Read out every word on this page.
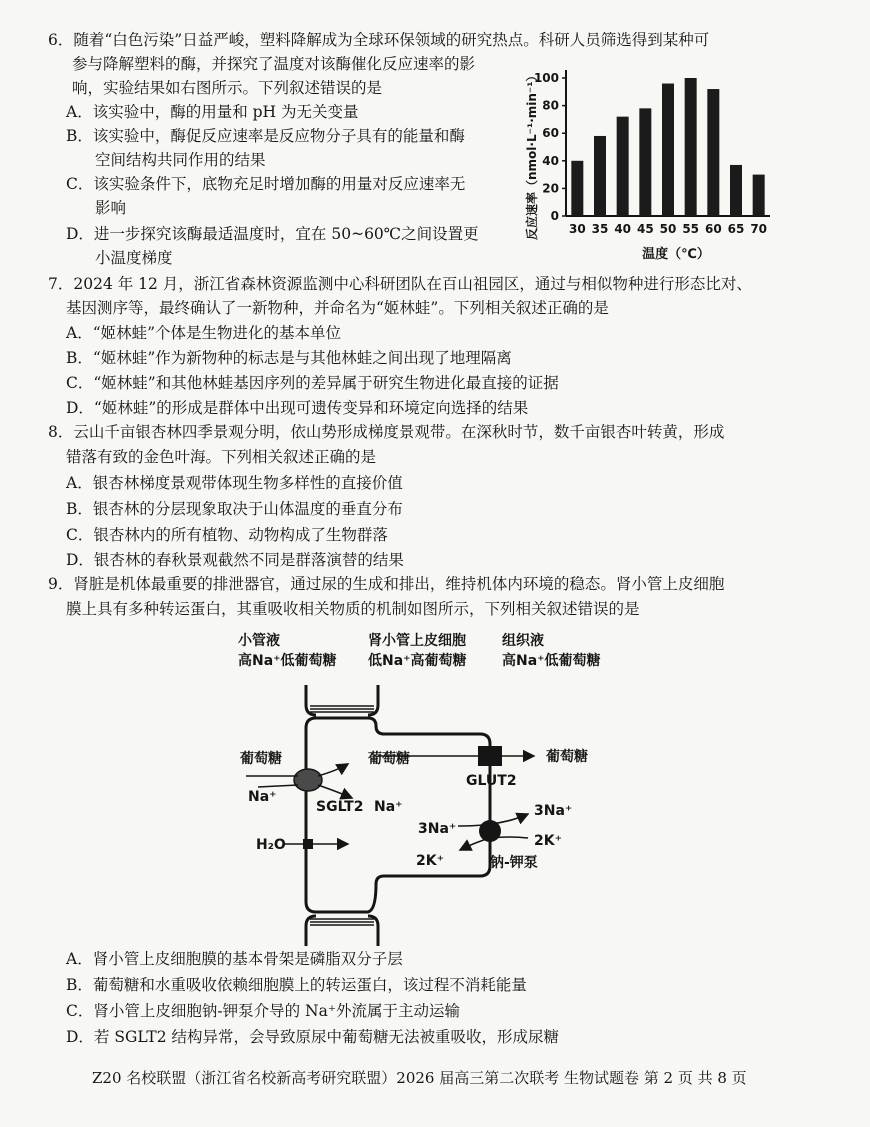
6．随着“白色污染”日益严峻，塑料降解成为全球环保领域的研究热点。科研人员筛选得到某种可
参与降解塑料的酶，并探究了温度对该酶催化反应速率的影
响，实验结果如右图所示。下列叙述错误的是
A．该实验中，酶的用量和 pH 为无关变量
B．该实验中，酶促反应速率是反应物分子具有的能量和酶
空间结构共同作用的结果
C．该实验条件下，底物充足时增加酶的用量对反应速率无
影响
D．进一步探究该酶最适温度时，宜在 50~60℃之间设置更
小温度梯度
反应速率（nmol·L⁻¹·min⁻¹）
温度（℃）
0
20
40
60
80
100
30 35 40 45 50 55 60 65 70
7．2024 年 12 月，浙江省森林资源监测中心科研团队在百山祖园区，通过与相似物种进行形态比对、
基因测序等，最终确认了一新物种，并命名为“姬林蛙”。下列相关叙述正确的是
A．“姬林蛙”个体是生物进化的基本单位
B．“姬林蛙”作为新物种的标志是与其他林蛙之间出现了地理隔离
C．“姬林蛙”和其他林蛙基因序列的差异属于研究生物进化最直接的证据
D．“姬林蛙”的形成是群体中出现可遗传变异和环境定向选择的结果
8．云山千亩银杏林四季景观分明，依山势形成梯度景观带。在深秋时节，数千亩银杏叶转黄，形成
错落有致的金色叶海。下列相关叙述正确的是
A．银杏林梯度景观带体现生物多样性的直接价值
B．银杏林的分层现象取决于山体温度的垂直分布
C．银杏林内的所有植物、动物构成了生物群落
D．银杏林的春秋景观截然不同是群落演替的结果
9．肾脏是机体最重要的排泄器官，通过尿的生成和排出，维持机体内环境的稳态。肾小管上皮细胞
膜上具有多种转运蛋白，其重吸收相关物质的机制如图所示，下列相关叙述错误的是
小管液
高Na⁺低葡萄糖
肾小管上皮细胞
低Na⁺高葡萄糖
组织液
高Na⁺低葡萄糖
葡萄糖	葡萄糖	葡萄糖
Na⁺
Na⁺
SGLT2
GLUT2
3Na⁺
3Na⁺
2K⁺
2K⁺
H₂O
钠-钾泵
A．肾小管上皮细胞膜的基本骨架是磷脂双分子层
B．葡萄糖和水重吸收依赖细胞膜上的转运蛋白，该过程不消耗能量
C．肾小管上皮细胞钠-钾泵介导的 Na⁺外流属于主动运输
D．若 SGLT2 结构异常，会导致原尿中葡萄糖无法被重吸收，形成尿糖
Z20 名校联盟（浙江省名校新高考研究联盟）2026 届高三第二次联考 生物试题卷 第 2 页 共 8 页
